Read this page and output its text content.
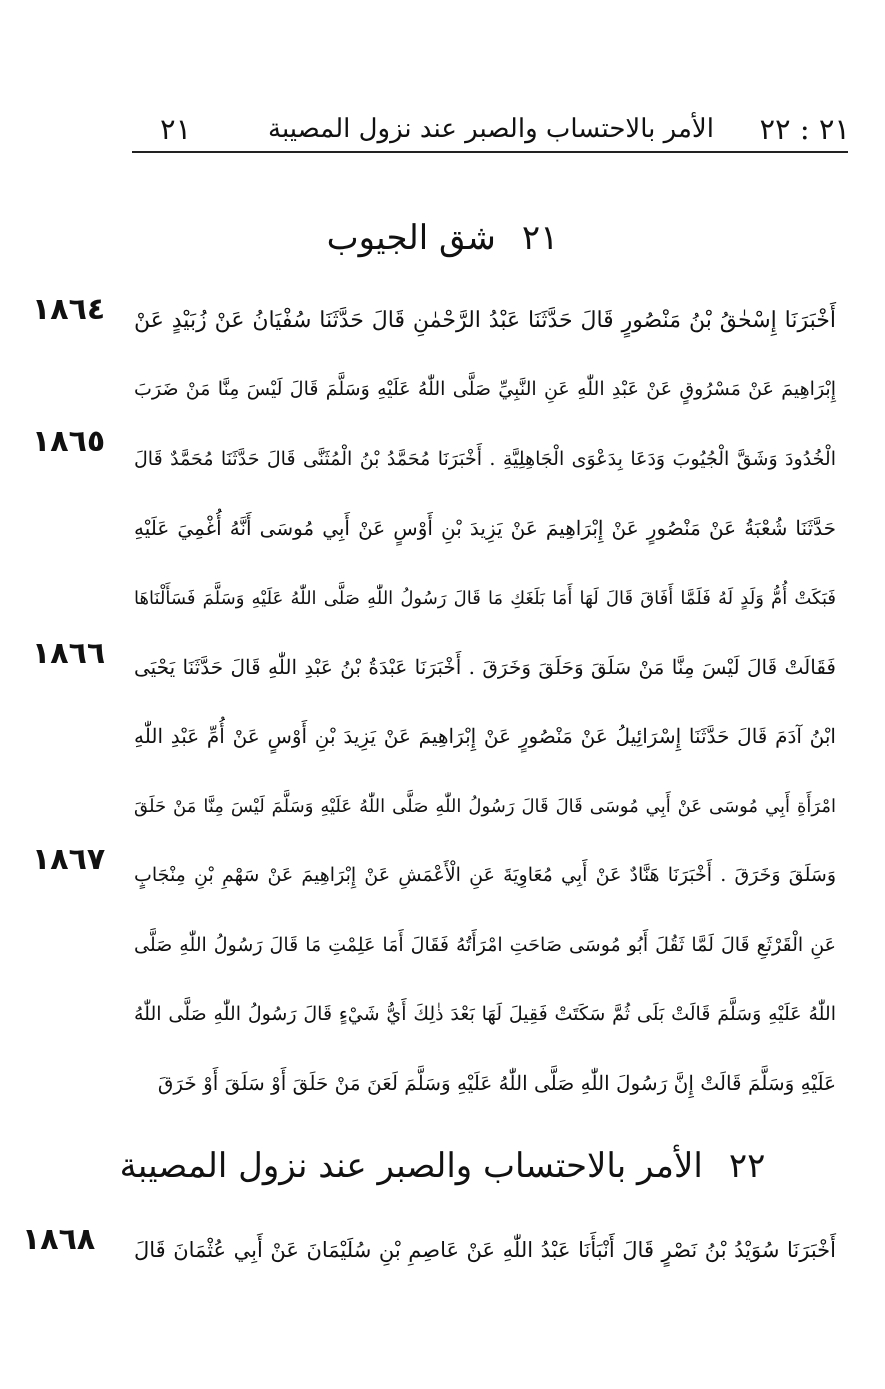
٢١ : ٢٢
الأمر بالاحتساب والصبر عند نزول المصيبة
٢١
٢١شق الجيوب
أَخْبَرَنَا إِسْحٰقُ بْنُ مَنْصُورٍ قَالَ حَدَّثَنَا عَبْدُ الرَّحْمٰنِ قَالَ حَدَّثَنَا سُفْيَانُ عَنْ زُبَيْدٍ عَنْ
إِبْرَاهِيمَ عَنْ مَسْرُوقٍ عَنْ عَبْدِ اللّٰهِ عَنِ النَّبِيِّ صَلَّى اللّٰهُ عَلَيْهِ وَسَلَّمَ قَالَ لَيْسَ مِنَّا مَنْ ضَرَبَ
الْخُدُودَ وَشَقَّ الْجُيُوبَ وَدَعَا بِدَعْوَى الْجَاهِلِيَّةِ . أَخْبَرَنَا مُحَمَّدُ بْنُ الْمُثَنَّى قَالَ حَدَّثَنَا مُحَمَّدٌ قَالَ
حَدَّثَنَا شُعْبَةُ عَنْ مَنْصُورٍ عَنْ إِبْرَاهِيمَ عَنْ يَزِيدَ بْنِ أَوْسٍ عَنْ أَبِي مُوسَى أَنَّهُ أُغْمِيَ عَلَيْهِ
فَبَكَتْ أُمُّ وَلَدٍ لَهُ فَلَمَّا أَفَاقَ قَالَ لَهَا أَمَا بَلَغَكِ مَا قَالَ رَسُولُ اللّٰهِ صَلَّى اللّٰهُ عَلَيْهِ وَسَلَّمَ فَسَأَلْنَاهَا
فَقَالَتْ قَالَ لَيْسَ مِنَّا مَنْ سَلَقَ وَحَلَقَ وَخَرَقَ . أَخْبَرَنَا عَبْدَةُ بْنُ عَبْدِ اللّٰهِ قَالَ حَدَّثَنَا يَحْيَى
ابْنُ آدَمَ قَالَ حَدَّثَنَا إِسْرَائِيلُ عَنْ مَنْصُورٍ عَنْ إِبْرَاهِيمَ عَنْ يَزِيدَ بْنِ أَوْسٍ عَنْ أُمِّ عَبْدِ اللّٰهِ
امْرَأَةِ أَبِي مُوسَى عَنْ أَبِي مُوسَى قَالَ قَالَ رَسُولُ اللّٰهِ صَلَّى اللّٰهُ عَلَيْهِ وَسَلَّمَ لَيْسَ مِنَّا مَنْ حَلَقَ
وَسَلَقَ وَخَرَقَ . أَخْبَرَنَا هَنَّادٌ عَنْ أَبِي مُعَاوِيَةَ عَنِ الْأَعْمَشِ عَنْ إِبْرَاهِيمَ عَنْ سَهْمِ بْنِ مِنْجَابٍ
عَنِ الْقَرْثَعِ قَالَ لَمَّا ثَقُلَ أَبُو مُوسَى صَاحَتِ امْرَأَتُهُ فَقَالَ أَمَا عَلِمْتِ مَا قَالَ رَسُولُ اللّٰهِ صَلَّى
اللّٰهُ عَلَيْهِ وَسَلَّمَ قَالَتْ بَلَى ثُمَّ سَكَتَتْ فَقِيلَ لَهَا بَعْدَ ذٰلِكَ أَيُّ شَيْءٍ قَالَ رَسُولُ اللّٰهِ صَلَّى اللّٰهُ
عَلَيْهِ وَسَلَّمَ قَالَتْ إِنَّ رَسُولَ اللّٰهِ صَلَّى اللّٰهُ عَلَيْهِ وَسَلَّمَ لَعَنَ مَنْ حَلَقَ أَوْ سَلَقَ أَوْ خَرَقَ
١٨٦٤
١٨٦٥
١٨٦٦
١٨٦٧
٢٢الأمر بالاحتساب والصبر عند نزول المصيبة
أَخْبَرَنَا سُوَيْدُ بْنُ نَصْرٍ قَالَ أَنْبَأَنَا عَبْدُ اللّٰهِ عَنْ عَاصِمِ بْنِ سُلَيْمَانَ عَنْ أَبِي عُثْمَانَ قَالَ
١٨٦٨
